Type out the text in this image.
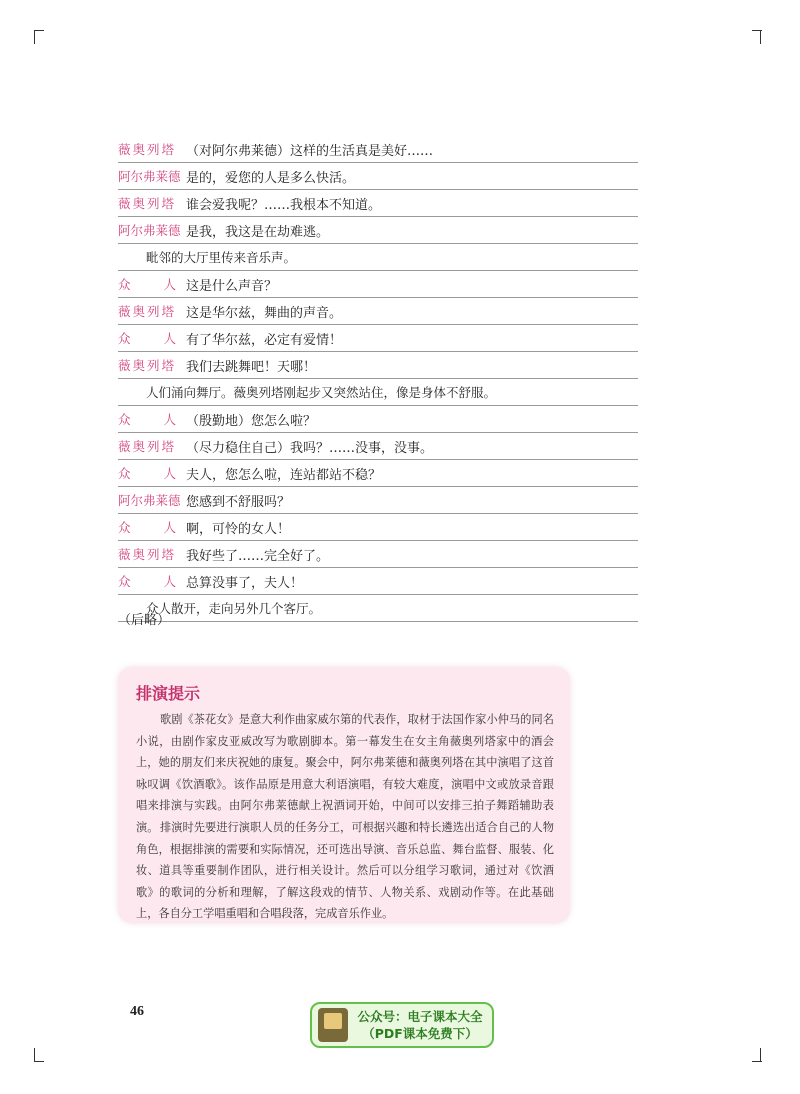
薇奥列塔 （对阿尔弗莱德）这样的生活真是美好……
阿尔弗莱德 是的，爱您的人是多么快活。
薇奥列塔 谁会爱我呢？……我根本不知道。
阿尔弗莱德 是我，我这是在劫难逃。
毗邻的大厅里传来音乐声。
众	人 这是什么声音？
薇奥列塔 这是华尔兹，舞曲的声音。
众	人 有了华尔兹，必定有爱情！
薇奥列塔 我们去跳舞吧！天哪！
人们涌向舞厅。薇奥列塔刚起步又突然站住，像是身体不舒服。
众	人 （殷勤地）您怎么啦？
薇奥列塔 （尽力稳住自己）我吗？……没事，没事。
众	人 夫人，您怎么啦，连站都站不稳？
阿尔弗莱德 您感到不舒服吗？
众	人 啊，可怜的女人！
薇奥列塔 我好些了……完全好了。
众	人 总算没事了，夫人！
众人散开，走向另外几个客厅。
（后略）
排演提示
歌剧《茶花女》是意大利作曲家威尔第的代表作，取材于法国作家小仲马的同名小说，由剧作家皮亚威改写为歌剧脚本。第一幕发生在女主角薇奥列塔家中的酒会上，她的朋友们来庆祝她的康复。聚会中，阿尔弗莱德和薇奥列塔在其中演唱了这首咏叹调《饮酒歌》。该作品原是用意大利语演唱，有较大难度，演唱中文或放录音跟唱来排演与实践。由阿尔弗莱德献上祝酒词开始，中间可以安排三拍子舞蹈辅助表演。 排演时先要进行演职人员的任务分工，可根据兴趣和特长遴选出适合自己的人物角色，根据排演的需要和实际情况，还可选出导演、音乐总监、舞台监督、服装、化妆、道具等重要制作团队，进行相关设计。然后可以分组学习歌词，通过对《饮酒歌》的歌词的分析和理解，了解这段戏的情节、人物关系、戏剧动作等。在此基础上，各自分工学唱重唱和合唱段落，完成音乐作业。
46	公众号：电子课本大全
（PDF课本免费下）
